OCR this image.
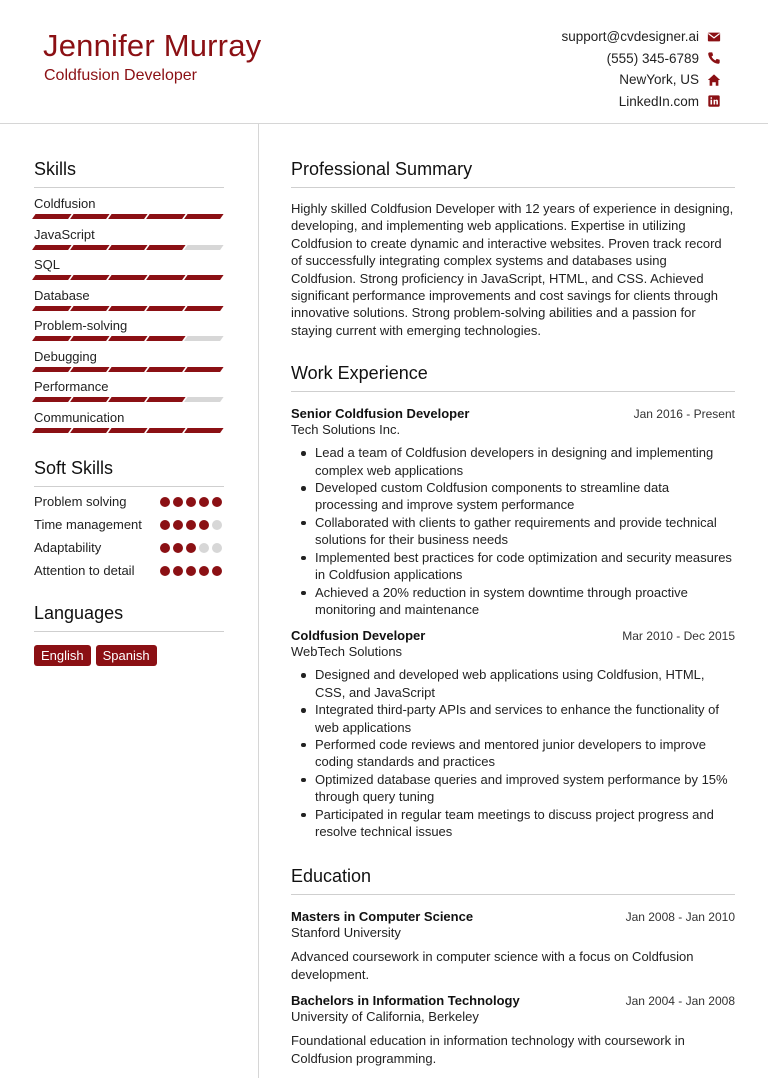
Jennifer Murray
Coldfusion Developer
support@cvdesigner.ai
(555) 345-6789
NewYork, US
LinkedIn.com
Skills
Coldfusion
JavaScript
SQL
Database
Problem-solving
Debugging
Performance
Communication
Soft Skills
Problem solving
Time management
Adaptability
Attention to detail
Languages
English	Spanish
Professional Summary
Highly skilled Coldfusion Developer with 12 years of experience in designing, developing, and implementing web applications. Expertise in utilizing Coldfusion to create dynamic and interactive websites. Proven track record of successfully integrating complex systems and databases using Coldfusion. Strong proficiency in JavaScript, HTML, and CSS. Achieved significant performance improvements and cost savings for clients through innovative solutions. Strong problem-solving abilities and a passion for staying current with emerging technologies.
Work Experience
Senior Coldfusion Developer	Jan 2016 - Present
Tech Solutions Inc.
Lead a team of Coldfusion developers in designing and implementing complex web applications
Developed custom Coldfusion components to streamline data processing and improve system performance
Collaborated with clients to gather requirements and provide technical solutions for their business needs
Implemented best practices for code optimization and security measures in Coldfusion applications
Achieved a 20% reduction in system downtime through proactive monitoring and maintenance
Coldfusion Developer	Mar 2010 - Dec 2015
WebTech Solutions
Designed and developed web applications using Coldfusion, HTML, CSS, and JavaScript
Integrated third-party APIs and services to enhance the functionality of web applications
Performed code reviews and mentored junior developers to improve coding standards and practices
Optimized database queries and improved system performance by 15% through query tuning
Participated in regular team meetings to discuss project progress and resolve technical issues
Education
Masters in Computer Science	Jan 2008 - Jan 2010
Stanford University
Advanced coursework in computer science with a focus on Coldfusion development.
Bachelors in Information Technology	Jan 2004 - Jan 2008
University of California, Berkeley
Foundational education in information technology with coursework in Coldfusion programming.
